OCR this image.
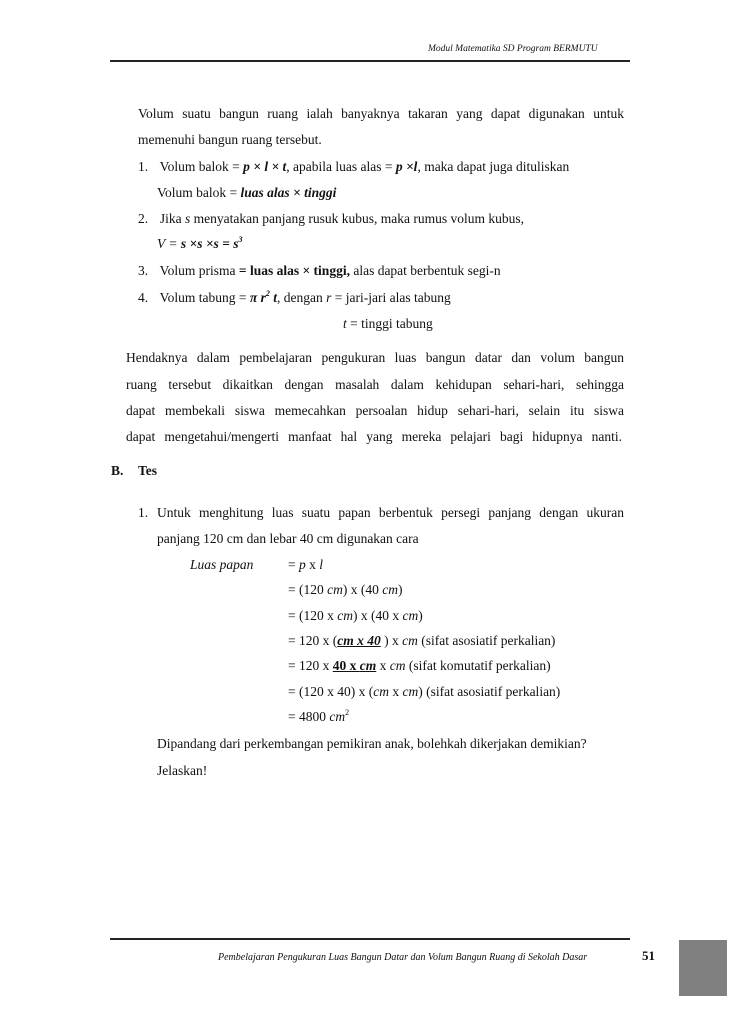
Modul Matematika SD Program BERMUTU
Volum suatu bangun ruang ialah banyaknya takaran yang dapat digunakan untuk
memenuhi bangun ruang tersebut.
1. Volum balok = p × l × t, apabila luas alas = p ×l, maka dapat juga dituliskan
Volum balok = luas alas × tinggi
2. Jika s menyatakan panjang rusuk kubus, maka rumus volum kubus,
$V = s \times s \times s = s^3$
3. Volum prisma = luas alas × tinggi, alas dapat berbentuk segi-n
4. Volum tabung = π $r^2$ t, dengan r = jari-jari alas tabung
t = tinggi tabung
Hendaknya dalam pembelajaran pengukuran luas bangun datar dan volum bangun
ruang tersebut dikaitkan dengan masalah dalam kehidupan sehari-hari, sehingga
dapat membekali siswa memecahkan persoalan hidup sehari-hari, selain itu siswa
dapat mengetahui/mengerti manfaat hal yang mereka pelajari bagi hidupnya nanti.
B. Tes
1. Untuk menghitung luas suatu papan berbentuk persegi panjang dengan ukuran
panjang 120 cm dan lebar 40 cm digunakan cara
Luas papan	= p x l
= (120 cm) x (40 cm)
= (120 x cm) x (40 x cm)
= 120 x (cm x 40 ) x cm (sifat asosiatif perkalian)
= 120 x 40 x cm x cm (sifat komutatif perkalian)
= (120 x 40) x (cm x cm) (sifat asosiatif perkalian)
= 4800 $cm^2$
Dipandang dari perkembangan pemikiran anak, bolehkah dikerjakan demikian?
Jelaskan!
Pembelajaran Pengukuran Luas Bangun Datar dan Volum Bangun Ruang di Sekolah Dasar	51
